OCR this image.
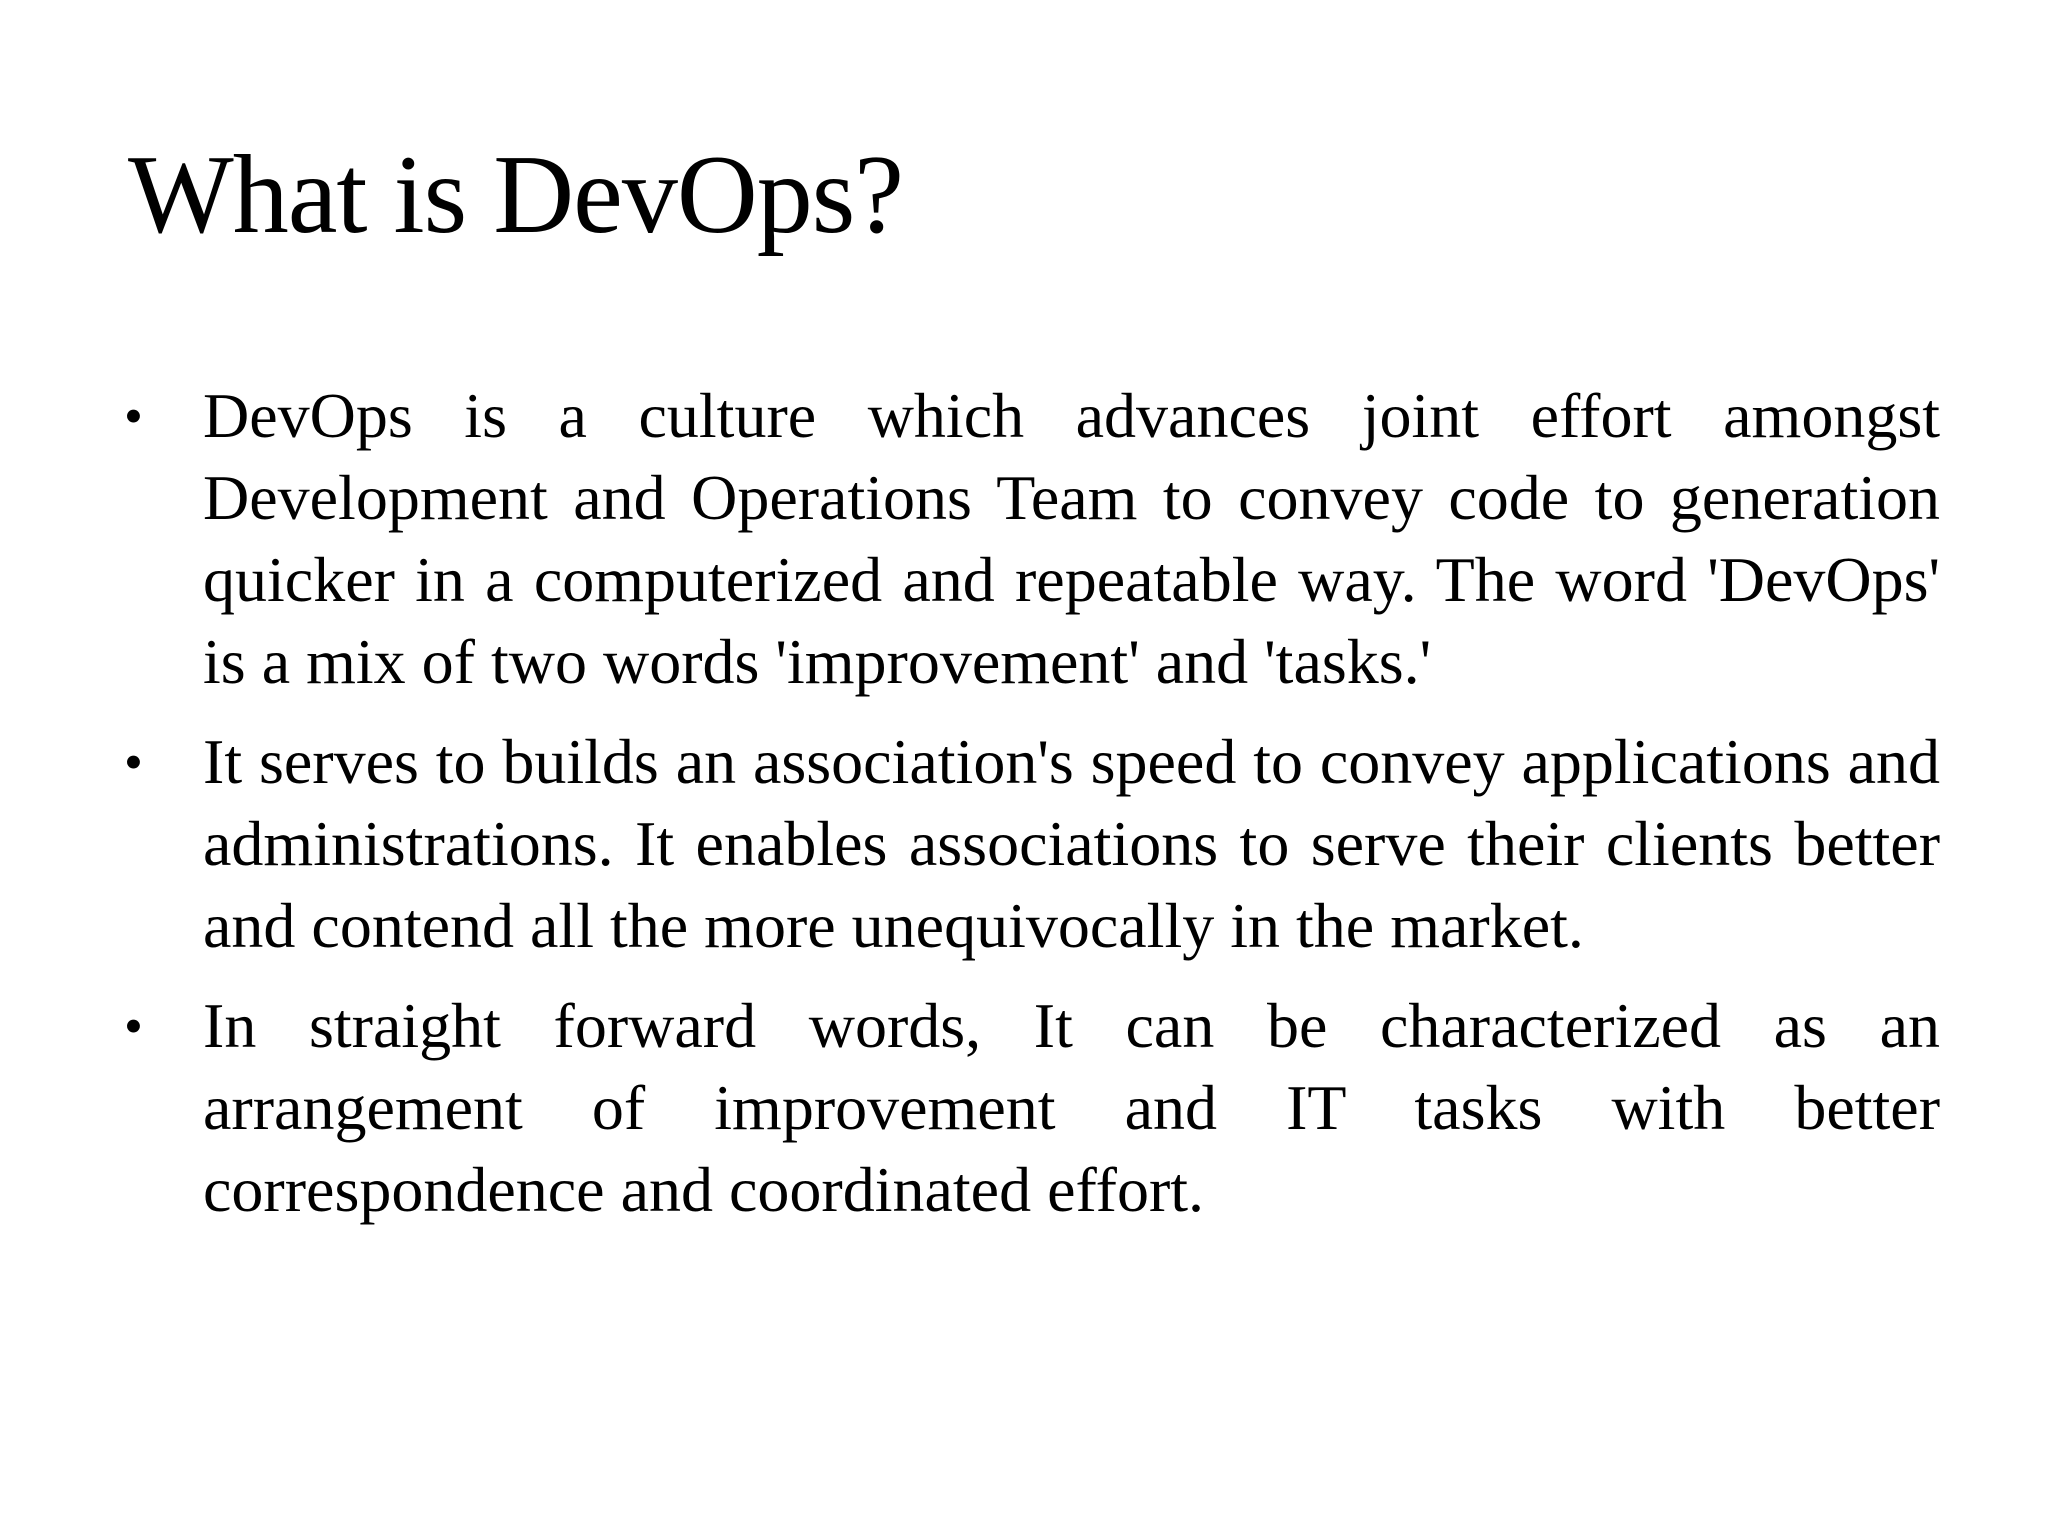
What is DevOps?
• DevOps is a culture which advances joint effort amongst Development and Operations Team to convey code to generation quicker in a computerized and repeatable way. The word 'DevOps' is a mix of two words 'improvement' and 'tasks.'
• It serves to builds an association's speed to convey applications and administrations. It enables associations to serve their clients better and contend all the more unequivocally in the market.
• In straight forward words, It can be characterized as an arrangement of improvement and IT tasks with better correspondence and coordinated effort.
